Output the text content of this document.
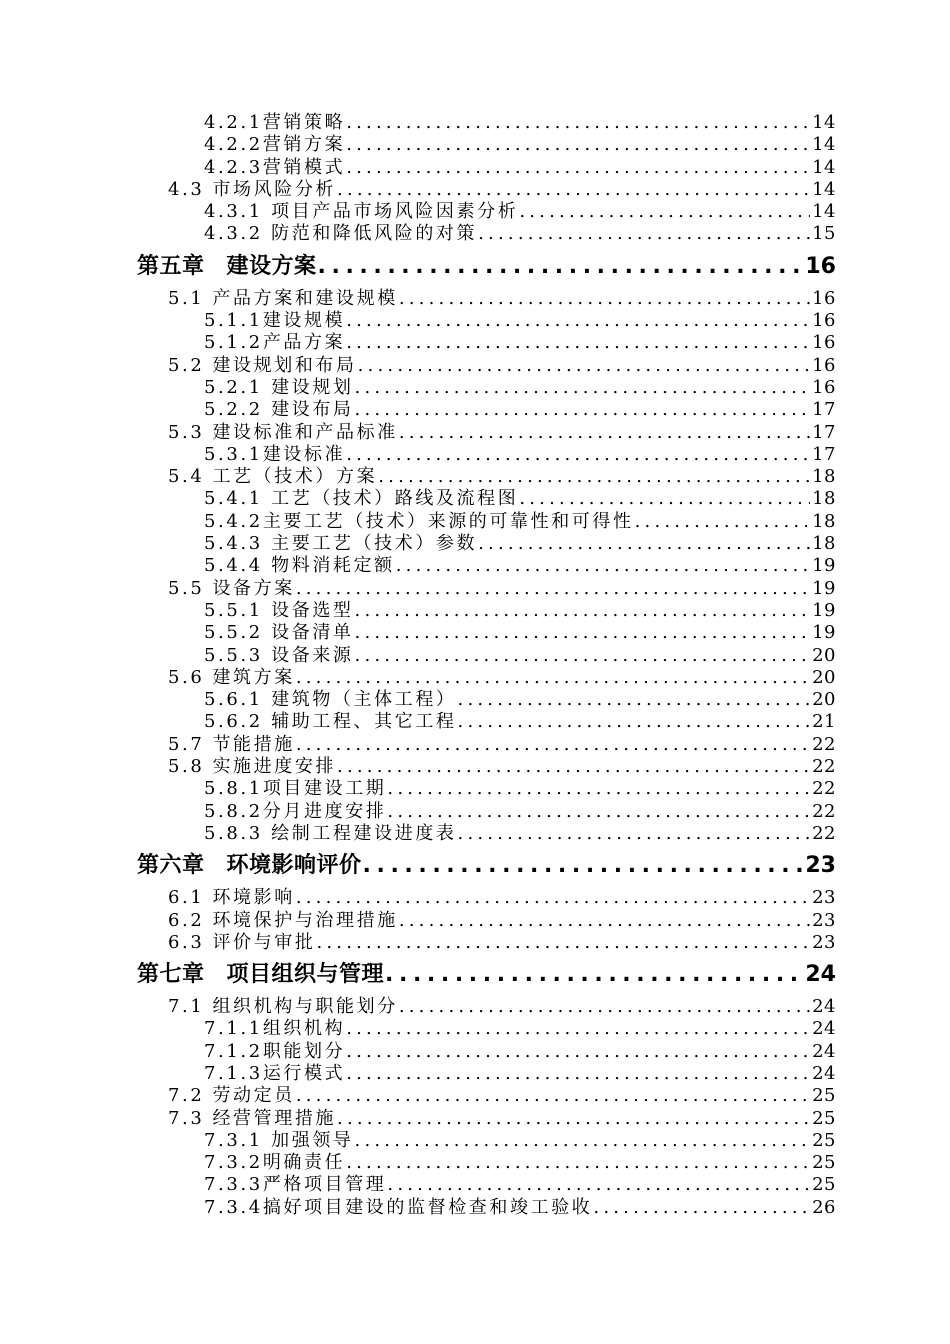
4.2.1营销策略 .....	14
4.2.2营销方案 .....	14
4.2.3营销模式 .....	14
4.3 市场风险分析 .....	14
4.3.1 项目产品市场风险因素分析 .....	14
4.3.2 防范和降低风险的对策 .....	15
第五章 建设方案 .....	16
5.1 产品方案和建设规模 .....	16
5.1.1建设规模 .....	16
5.1.2产品方案 .....	16
5.2 建设规划和布局 .....	16
5.2.1 建设规划 .....	16
5.2.2 建设布局 .....	17
5.3 建设标准和产品标准 .....	17
5.3.1建设标准 .....	17
5.4 工艺（技术）方案 .....	18
5.4.1 工艺（技术）路线及流程图 .....	18
5.4.2主要工艺（技术）来源的可靠性和可得性 .....	18
5.4.3 主要工艺（技术）参数 .....	18
5.4.4 物料消耗定额 .....	19
5.5 设备方案 .....	19
5.5.1 设备选型 .....	19
5.5.2 设备清单 .....	19
5.5.3 设备来源 .....	20
5.6 建筑方案 .....	20
5.6.1 建筑物（主体工程） .....	20
5.6.2 辅助工程、其它工程 .....	21
5.7 节能措施 .....	22
5.8 实施进度安排 .....	22
5.8.1项目建设工期 .....	22
5.8.2分月进度安排 .....	22
5.8.3 绘制工程建设进度表 .....	22
第六章 环境影响评价 .....	23
6.1 环境影响 .....	23
6.2 环境保护与治理措施 .....	23
6.3 评价与审批 .....	23
第七章 项目组织与管理 .....	24
7.1 组织机构与职能划分 .....	24
7.1.1组织机构 .....	24
7.1.2职能划分 .....	24
7.1.3运行模式 .....	24
7.2 劳动定员 .....	25
7.3 经营管理措施 .....	25
7.3.1 加强领导 .....	25
7.3.2明确责任 .....	25
7.3.3严格项目管理 .....	25
7.3.4搞好项目建设的监督检查和竣工验收 .....	26
